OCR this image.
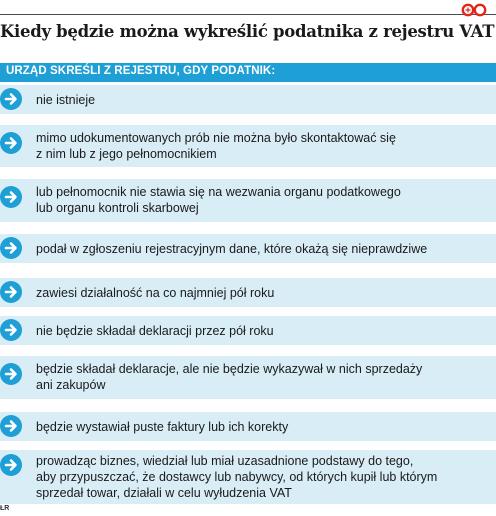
Kiedy będzie można wykreślić podatnika z rejestru VAT
URZĄD SKREŚLI Z REJESTRU, GDY PODATNIK:
nie istnieje
mimo udokumentowanych prób nie można było skontaktować się
z nim lub z jego pełnomocnikiem
lub pełnomocnik nie stawia się na wezwania organu podatkowego
lub organu kontroli skarbowej
podał w zgłoszeniu rejestracyjnym dane, które okażą się nieprawdziwe
zawiesi działalność na co najmniej pół roku
nie będzie składał deklaracji przez pół roku
będzie składał deklaracje, ale nie będzie wykazywał w nich sprzedaży
ani zakupów
będzie wystawiał puste faktury lub ich korekty
prowadząc biznes, wiedział lub miał uzasadnione podstawy do tego,
aby przypuszczać, że dostawcy lub nabywcy, od których kupił lub którym
sprzedał towar, działali w celu wyłudzenia VAT
ŁR
